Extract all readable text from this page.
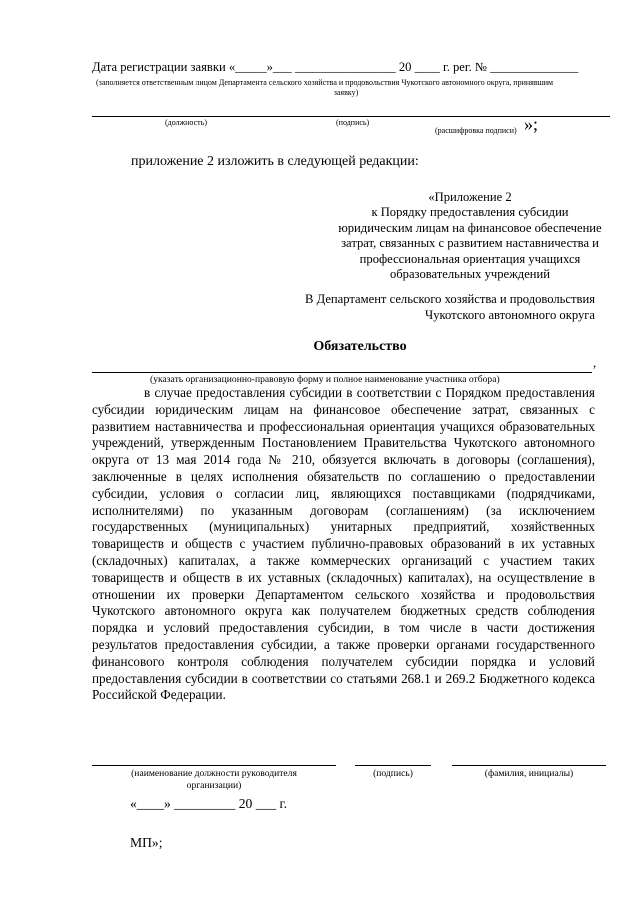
Дата регистрации заявки «_____»___ ________________ 20 ____ г. рег. № ______________
(заполняется ответственным лицом Департамента сельского хозяйства и продовольствия Чукотского автономного округа, принявшим
заявку)
(должность)	(подпись)
(расшифровка подписи) »;
приложение 2 изложить в следующей редакции:
«Приложение 2
к Порядку предоставления субсидии
юридическим лицам на финансовое обеспечение
затрат, связанных с развитием наставничества и
профессиональная ориентация учащихся
образовательных учреждений
В Департамент сельского хозяйства и продовольствия
Чукотского автономного округа
Обязательство
,
(указать организационно-правовую форму и полное наименование участника отбора)
в случае предоставления субсидии в соответствии с Порядком предоставления субсидии юридическим лицам на финансовое обеспечение затрат, связанных с развитием наставничества и профессиональная ориентация учащихся образовательных учреждений, утвержденным Постановлением Правительства Чукотского автономного округа от 13 мая 2014 года № 210, обязуется включать в договоры (соглашения), заключенные в целях исполнения обязательств по соглашению о предоставлении субсидии, условия о согласии лиц, являющихся поставщиками (подрядчиками, исполнителями) по указанным договорам (соглашениям) (за исключением государственных (муниципальных) унитарных предприятий, хозяйственных товариществ и обществ с участием публично-правовых образований в их уставных (складочных) капиталах, а также коммерческих организаций с участием таких товариществ и обществ в их уставных (складочных) капиталах), на осуществление в отношении их проверки Департаментом сельского хозяйства и продовольствия Чукотского автономного округа как получателем бюджетных средств соблюдения порядка и условий предоставления субсидии, в том числе в части достижения результатов предоставления субсидии, а также проверки органами государственного финансового контроля соблюдения получателем субсидии порядка и условий предоставления субсидии в соответствии со статьями 268.1 и 269.2 Бюджетного кодекса Российской Федерации.
(наименование должности руководителя
организации)
(подпись)	(фамилия, инициалы)
«____» _________ 20 ___ г.
МП»;
